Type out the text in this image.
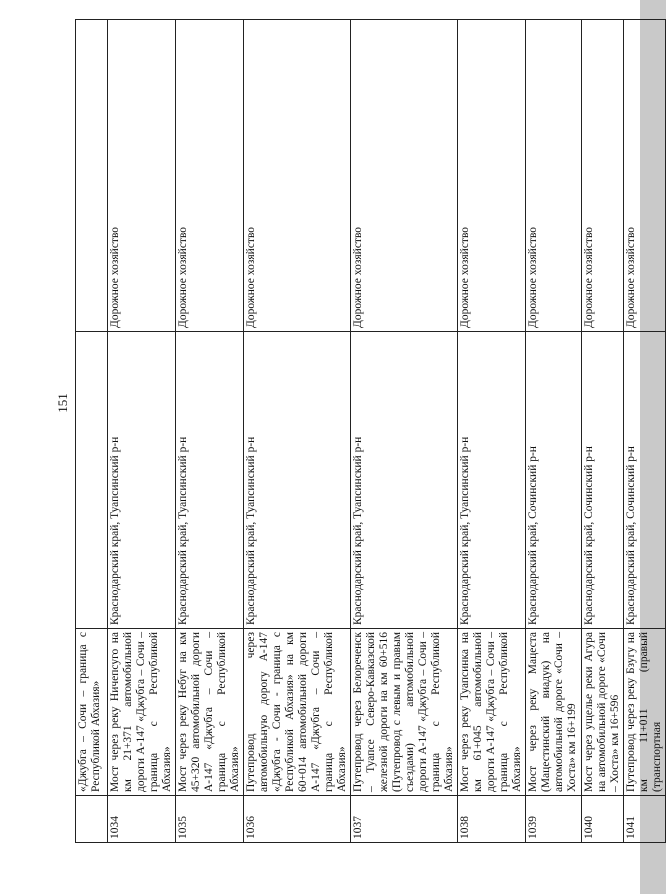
151
	«Джубга – Сочи – граница с Республикой Абхазия»		
1034	Мост через реку Ничепсуго на км 21+371 автомобильной дороги А-147 «Джубга – Сочи – граница с Республикой Абхазия»	Краснодарский край, Туапсинский р-н	Дорожное хозяйство
1035	Мост через реку Небуг на км 45+320 автомобильной дороги А-147 «Джубга – Сочи – граница с Республикой Абхазия»	Краснодарский край, Туапсинский р-н	Дорожное хозяйство
1036	Путепровод через автомобильную дорогу А-147 «Джубга - Сочи - граница с Республикой Абхазия» на км 60+014 автомобильной дороги А-147 «Джубга – Сочи – граница с Республикой Абхазия»	Краснодарский край, Туапсинский р-н	Дорожное хозяйство
1037	Путепровод через Белореченск – Туапсе Северо-Кавказской железной дороги на км 60+516 (Путепровод с левым и правым съездами) автомобильной дороги А-147 «Джубга – Сочи – граница с Республикой Абхазия»	Краснодарский край, Туапсинский р-н	Дорожное хозяйство
1038	Мост через реку Туапсинка на км 61+045 автомобильной дороги А-147 «Джубга – Сочи – граница с Республикой Абхазия»	Краснодарский край, Туапсинский р-н	Дорожное хозяйство
1039	Мост через реку Мацеста (Мацестинский виадук) на автомобильной дороге «Сочи – Хоста» км 16+199	Краснодарский край, Сочинский р-н	Дорожное хозяйство
1040	Мост через ущелье реки Агура на автомобильной дороге «Сочи – Хоста» км 16+596	Краснодарский край, Сочинский р-н	Дорожное хозяйство
1041	Путепровод через реку Бзугу на км 11+011 (правый (транспортная	Краснодарский край, Сочинский р-н	Дорожное хозяйство
